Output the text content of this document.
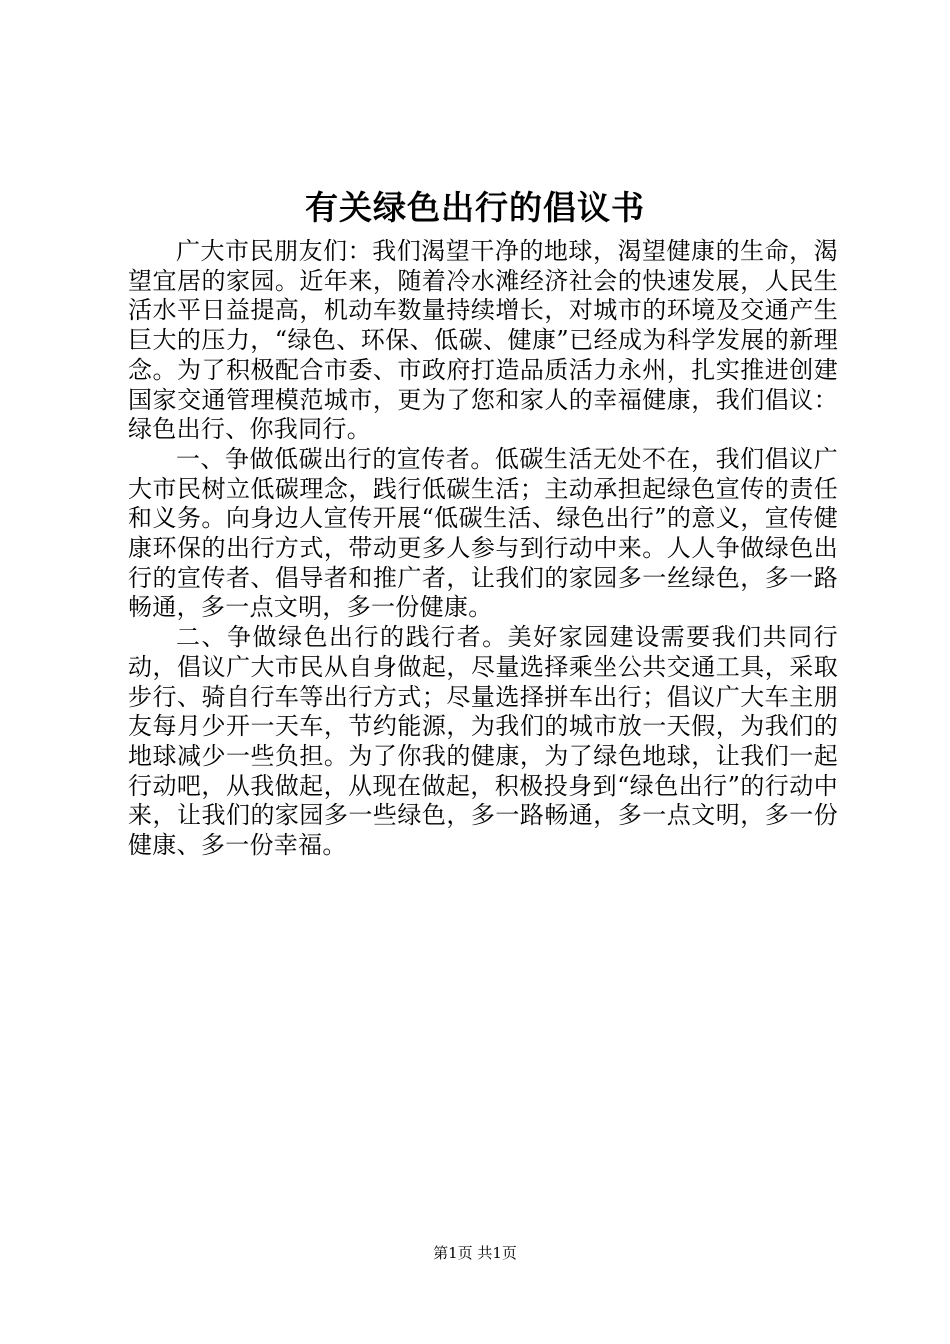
有关绿色出行的倡议书

广大市民朋友们：我们渴望干净的地球，渴望健康的生命，渴望宜居的家园。近年来，随着冷水滩经济社会的快速发展，人民生活水平日益提高，机动车数量持续增长，对城市的环境及交通产生巨大的压力，“绿色、环保、低碳、健康”已经成为科学发展的新理念。为了积极配合市委、市政府打造品质活力永州，扎实推进创建国家交通管理模范城市，更为了您和家人的幸福健康，我们倡议：绿色出行、你我同行。

一、争做低碳出行的宣传者。低碳生活无处不在，我们倡议广大市民树立低碳理念，践行低碳生活；主动承担起绿色宣传的责任和义务。向身边人宣传开展“低碳生活、绿色出行”的意义，宣传健康环保的出行方式，带动更多人参与到行动中来。人人争做绿色出行的宣传者、倡导者和推广者，让我们的家园多一丝绿色，多一路畅通，多一点文明，多一份健康。

二、争做绿色出行的践行者。美好家园建设需要我们共同行动，倡议广大市民从自身做起，尽量选择乘坐公共交通工具，采取步行、骑自行车等出行方式；尽量选择拼车出行；倡议广大车主朋友每月少开一天车，节约能源，为我们的城市放一天假，为我们的地球减少一些负担。为了你我的健康，为了绿色地球，让我们一起行动吧，从我做起，从现在做起，积极投身到“绿色出行”的行动中来，让我们的家园多一些绿色，多一路畅通，多一点文明，多一份健康、多一份幸福。

第1页 共1页
